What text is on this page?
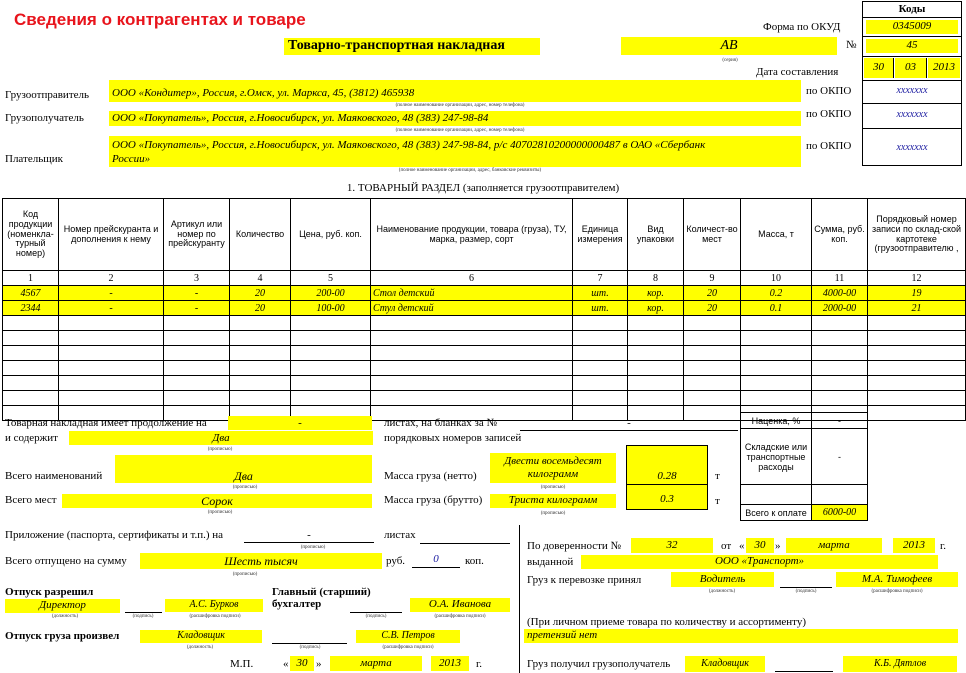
Сведения о контрагентах и товаре
Товарно-транспортная накладная	АВ
(серия)
Форма по ОКУД
№
Дата составления
Коды
0345009
45
30	03	2013
ххххххх
ххххххх
ххххххх
Грузоотправитель ООО «Кондитер», Россия, г.Омск, ул. Маркса, 45, (3812) 465938
(полное наименование организации, адрес, номер телефона)
по ОКПО
Грузополучатель	ООО «Покупатель», Россия, г.Новосибирск, ул. Маяковского, 48 (383) 247-98-84
(полное наименование организации, адрес, номер телефона)
по ОКПО
Плательщик
ООО «Покупатель», Россия, г.Новосибирск, ул. Маяковского, 48 (383) 247-98-84, р/с 40702810200000000487 в ОАО «Сбербанк
России»
(полное наименование организации, адрес, банковские реквизиты)
по ОКПО
1. ТОВАРНЫЙ РАЗДЕЛ (заполняется грузоотправителем)
Код продукции (номенкла-турный номер)	Номер прейскуранта и дополнения к нему	Артикул или номер по прейскуранту	Количество	Цена, руб. коп.	Наименование продукции, товара (груза), ТУ, марка, размер, сорт	Единица измерения	Вид упаковки	Количест-во мест	Масса, т	Сумма, руб. коп.	Порядковый номер записи по склад-ской картотеке (грузоотправителю ,
1	2	3	4	5	6	7	8	9	10	11	12
4567	-	-	20	200-00	Стол детский	шт.	кор.	20	0.2	4000-00	19
2344	-	-	20	100-00	Стул детский	шт.	кор.	20	0.1	2000-00	21

Наценка, %	-
Складские или транспортные расходы	-

Всего к оплате	6000-00
Товарная накладная имеет продолжение на	-	листах, на бланках за №	-
и содержит	Два
(прописью)
порядковых номеров записей
Всего наименований	Два
(прописью)
Всего мест	Сорок
(прописью)
Масса груза (нетто)
Двести восемьдесят
килограмм
(прописью)
0.28
0.3
т
Масса груза (брутто)	Триста килограмм
(прописью)
т
Приложение (паспорта, сертификаты и т.п.) на	-
(прописью)
листах
Всего отпущено на сумму	Шесть тысяч
(прописью)
руб.	0	коп.
Отпуск разрешил
Директор
(должность)	(подпись)
А.С. Бурков
(расшифровка подписи)
Главный (старший)
бухгалтер
(подпись)
О.А. Иванова
(расшифровка подписи)
Отпуск груза произвел	Кладовщик
(должность)	(подпись)
С.В. Петров
(расшифровка подписи)
М.П.	« 30 »	марта	2013	г.
По доверенности №	32	от « 30 »	марта	2013	г.
выданной	ООО «Транспорт»
Груз к перевозке принял	Водитель
(должность)	(подпись)
М.А. Тимофеев
(расшифровка подписи)
(При личном приеме товара по количеству и ассортименту)
претензий нет
Груз получил грузополучатель	Кладовщик	К.Б. Дятлов
